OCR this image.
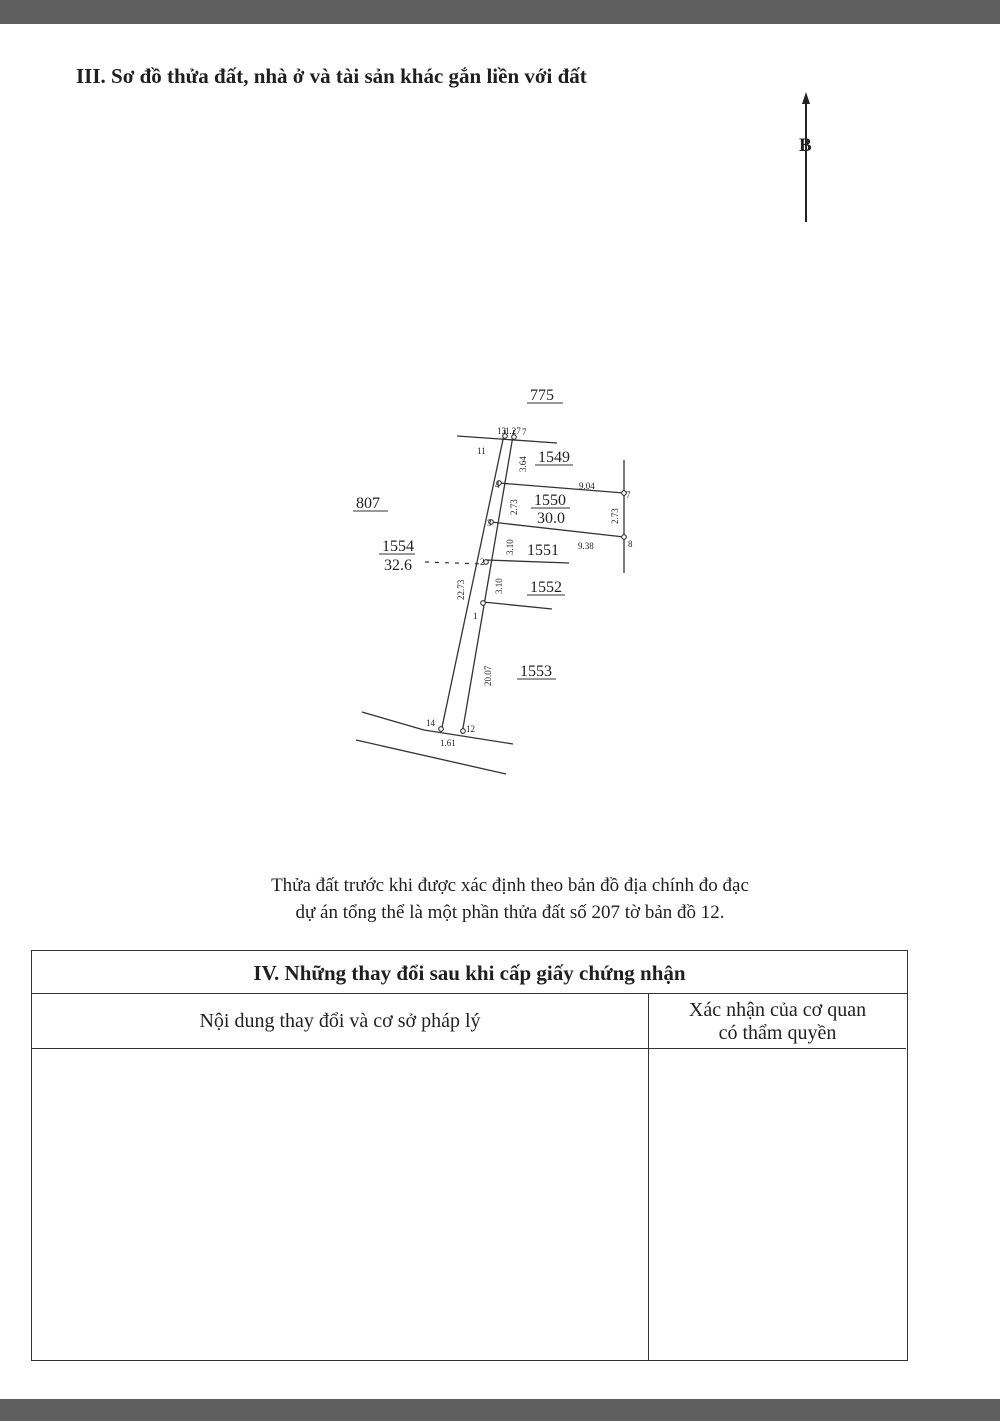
III. Sơ đồ thửa đất, nhà ở và tài sản khác gắn liền với đất
B
775
807
1549
1550
30.0
1551
1552
1553
1554
32.6
13 7
11
4
7
3
8
2
1
14
12
1.27
3.64
9.04
2.73
2.73
9.38
3.10
3.10
22.73
20.07
1.61
Thửa đất trước khi được xác định theo bản đồ địa chính đo đạc
dự án tổng thể là một phần thửa đất số 207 tờ bản đồ 12.
IV. Những thay đổi sau khi cấp giấy chứng nhận
Nội dung thay đổi và cơ sở pháp lý	Xác nhận của cơ quan
có thẩm quyền
